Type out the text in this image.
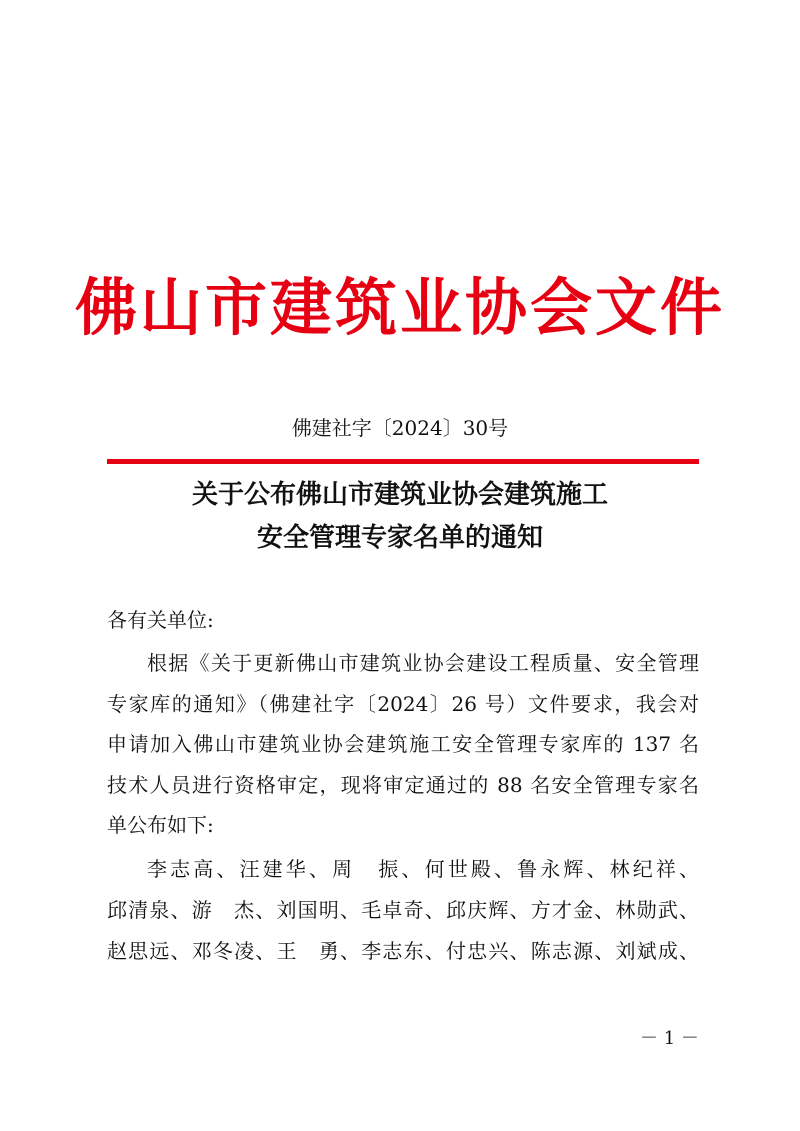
佛山市建筑业协会文件
佛建社字〔2024〕30号
关于公布佛山市建筑业协会建筑施工
安全管理专家名单的通知
各有关单位:
根据《关于更新佛山市建筑业协会建设工程质量、安全管理
专家库的通知》（佛建社字〔2024〕26 号）文件要求，我会对
申请加入佛山市建筑业协会建筑施工安全管理专家库的 137 名
技术人员进行资格审定，现将审定通过的 88 名安全管理专家名
单公布如下:
李志高、汪建华、周　振、何世殿、鲁永辉、林纪祥、
邱清泉、游　杰、刘国明、毛卓奇、邱庆辉、方才金、林勋武、
赵思远、邓冬凌、王　勇、李志东、付忠兴、陈志源、刘斌成、
－ 1 －
